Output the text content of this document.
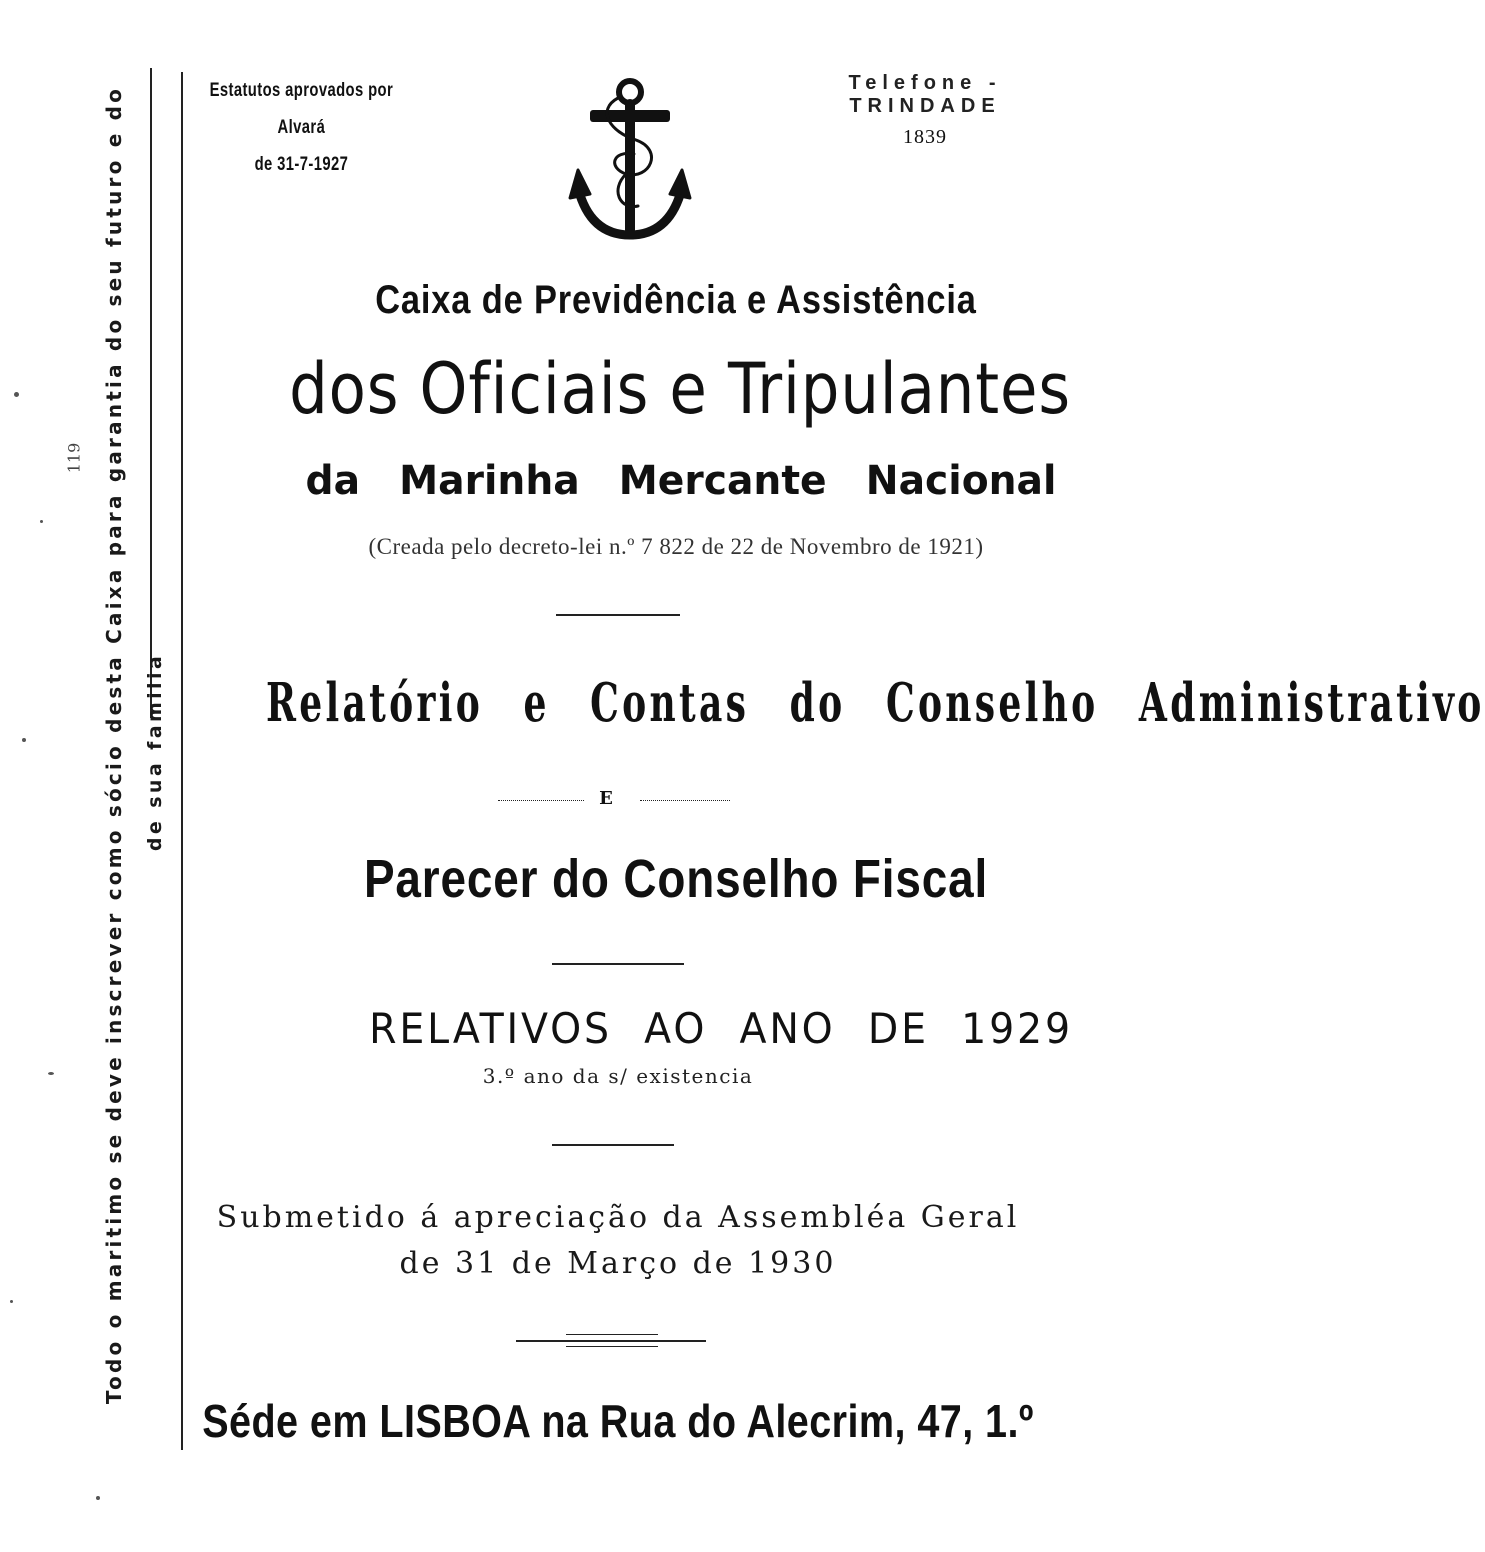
Todo o maritimo se deve inscrever como sócio desta Caixa para garantia do seu futuro e do de sua familia
119
Estatutos aprovados por Alvará
de 31-7-1927
Telefone - TRINDADE
1839
Caixa de Previdência e Assistência
dos Oficiais e Tripulantes
da Marinha Mercante Nacional
(Creada pelo decreto-lei n.º 7 822 de 22 de Novembro de 1921)
Relatório e Contas do Conselho Administrativo
E
Parecer do Conselho Fiscal
RELATIVOS AO ANO DE 1929
3.º ano da s/ existencia
Submetido á apreciação da Assembléa Geral
de 31 de Março de 1930
Séde em LISBOA na Rua do Alecrim, 47, 1.º
